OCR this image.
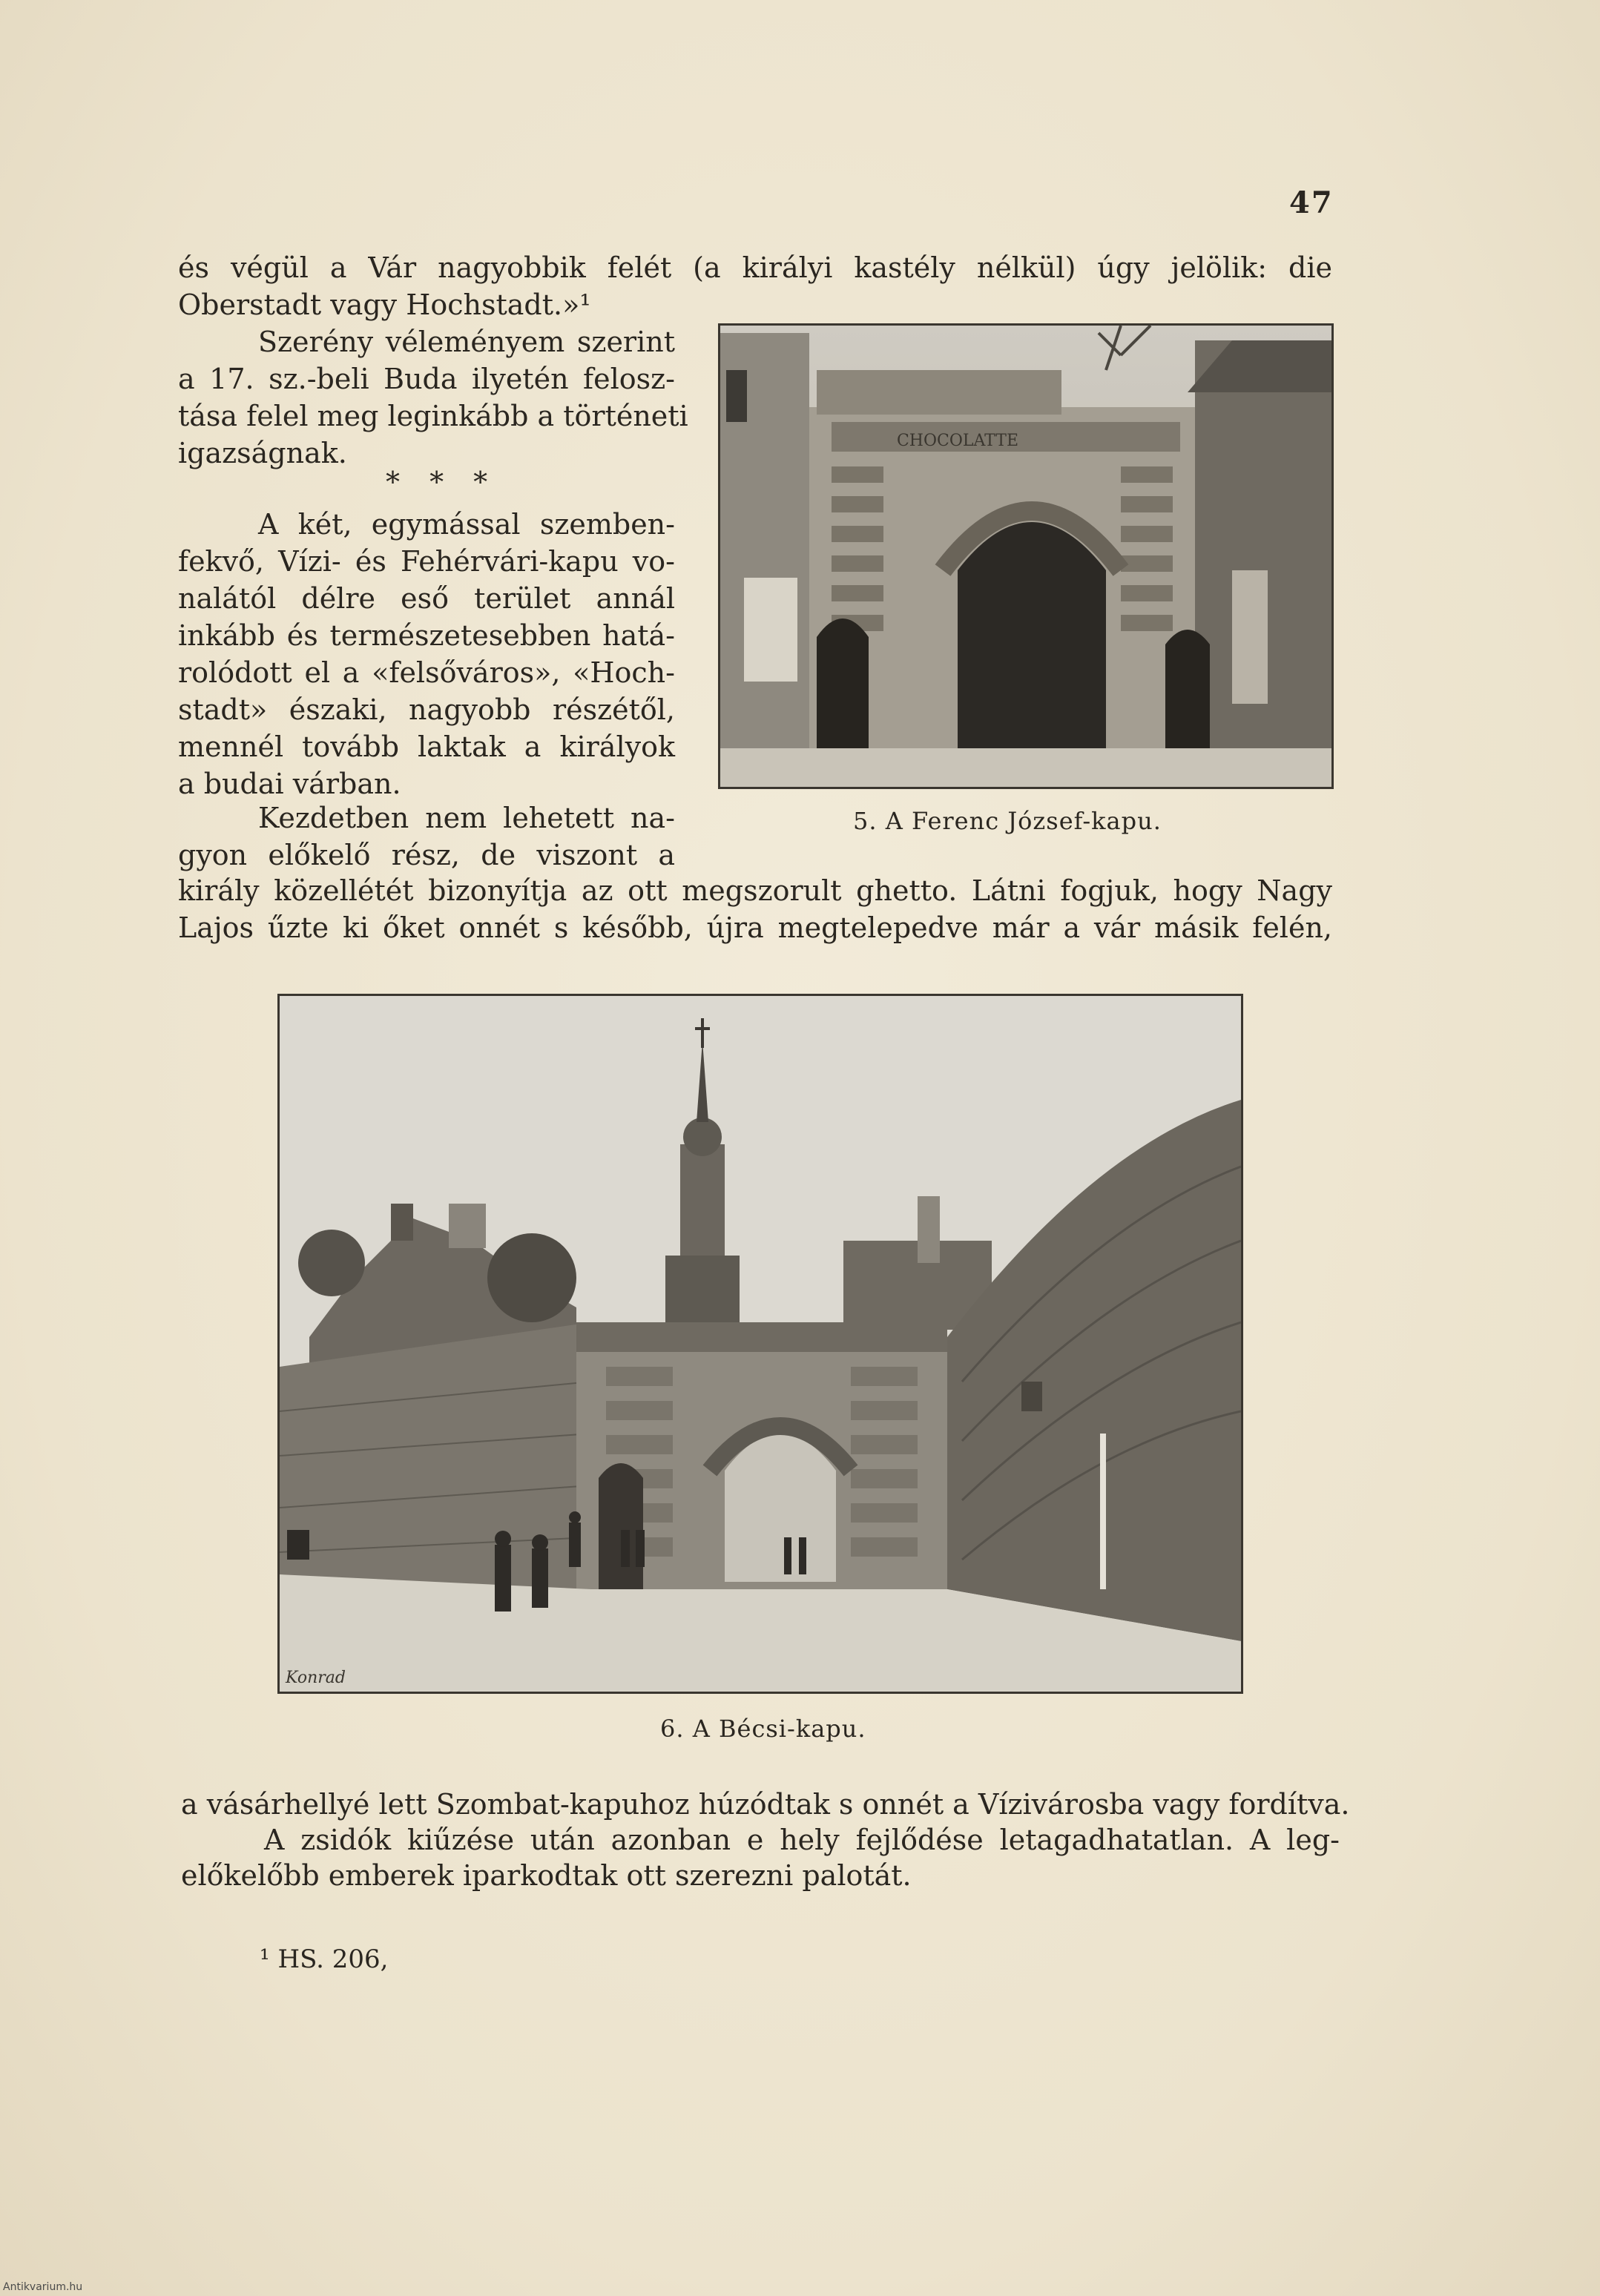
47
és végül a Vár nagyobbik felét (a királyi kastély nélkül) úgy jelölik: die
Oberstadt vagy Hochstadt.»¹
Szerény véleményem szerint
a 17. sz.-beli Buda ilyetén felosz-
tása felel meg leginkább a történeti
igazságnak.
* * *
A két, egymással szemben-
fekvő, Vízi- és Fehérvári-kapu vo-
nalától délre eső terület annál
inkább és természetesebben hatá-
rolódott el a «felsőváros», «Hoch-
stadt» északi, nagyobb részétől,
mennél tovább laktak a királyok
a budai várban.
Kezdetben nem lehetett na-
gyon előkelő rész, de viszont a
király közellétét bizonyítja az ott megszorult ghetto. Látni fogjuk, hogy Nagy
Lajos űzte ki őket onnét s később, újra megtelepedve már a vár másik felén,
CHOCOLATTE
5. A Ferenc József-kapu.
Konrad
6. A Bécsi-kapu.
a vásárhellyé lett Szombat-kapuhoz húzódtak s onnét a Vízivárosba vagy fordítva.
A zsidók kiűzése után azonban e hely fejlődése letagadhatatlan. A leg-
előkelőbb emberek iparkodtak ott szerezni palotát.
¹ HS. 206,
Antikvarium.hu
